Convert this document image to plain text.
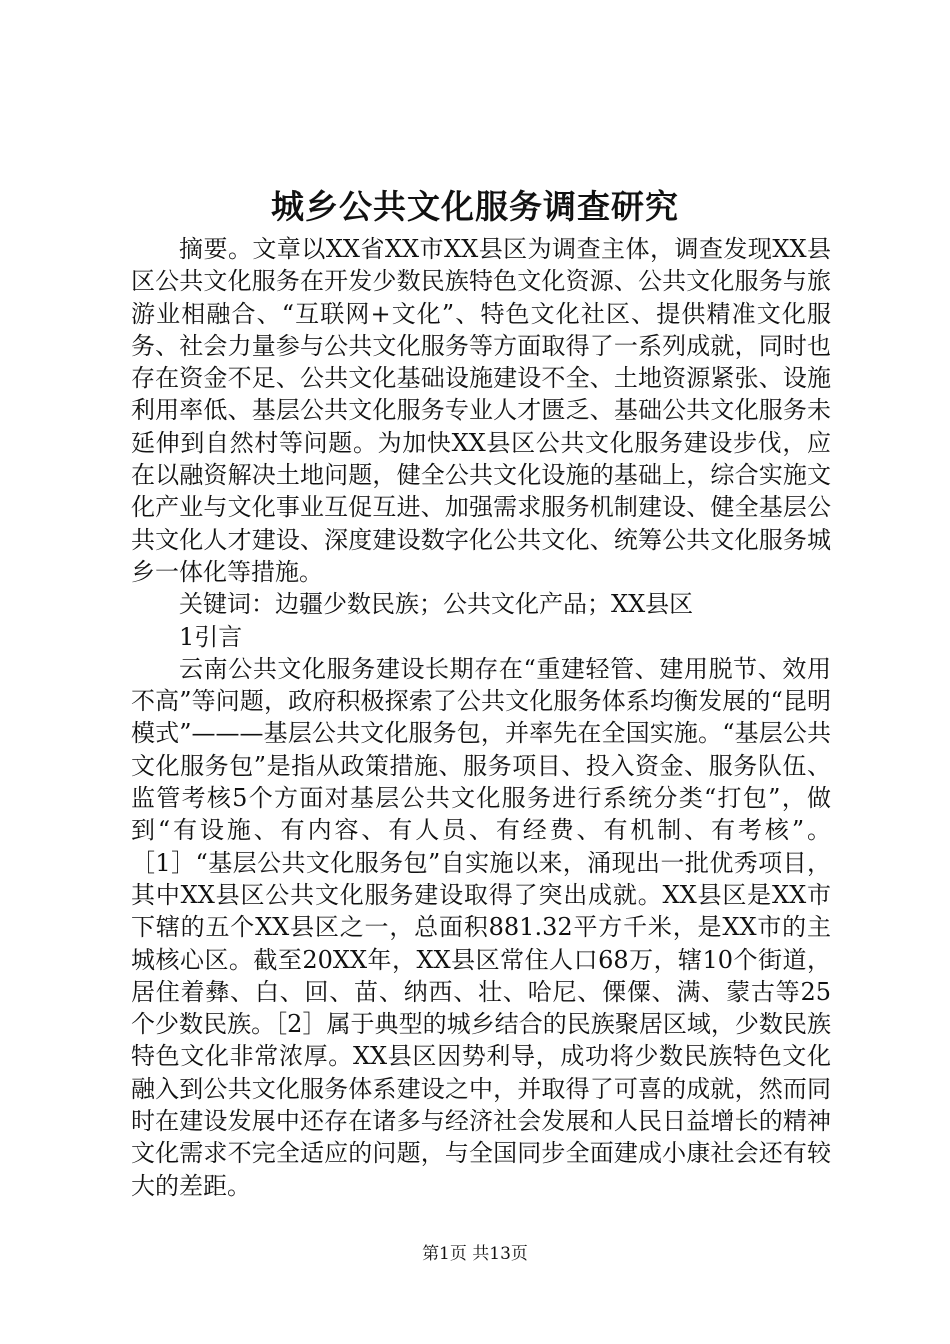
城乡公共文化服务调查研究

摘要。文章以XX省XX市XX县区为调查主体，调查发现XX县区公共文化服务在开发少数民族特色文化资源、公共文化服务与旅游业相融合、“互联网+文化”、特色文化社区、提供精准文化服务、社会力量参与公共文化服务等方面取得了一系列成就，同时也存在资金不足、公共文化基础设施建设不全、土地资源紧张、设施利用率低、基层公共文化服务专业人才匮乏、基础公共文化服务未延伸到自然村等问题。为加快XX县区公共文化服务建设步伐，应在以融资解决土地问题，健全公共文化设施的基础上，综合实施文化产业与文化事业互促互进、加强需求服务机制建设、健全基层公共文化人才建设、深度建设数字化公共文化、统筹公共文化服务城乡一体化等措施。

关键词：边疆少数民族；公共文化产品；XX县区

1引言

云南公共文化服务建设长期存在“重建轻管、建用脱节、效用不高”等问题，政府积极探索了公共文化服务体系均衡发展的“昆明模式”———基层公共文化服务包，并率先在全国实施。“基层公共文化服务包”是指从政策措施、服务项目、投入资金、服务队伍、监管考核5个方面对基层公共文化服务进行系统分类“打包”，做到“有设施、有内容、有人员、有经费、有机制、有考核”。［1］“基层公共文化服务包”自实施以来，涌现出一批优秀项目，其中XX县区公共文化服务建设取得了突出成就。XX县区是XX市下辖的五个XX县区之一，总面积881.32平方千米，是XX市的主城核心区。截至20XX年，XX县区常住人口68万，辖10个街道，居住着彝、白、回、苗、纳西、壮、哈尼、傈僳、满、蒙古等25个少数民族。［2］属于典型的城乡结合的民族聚居区域，少数民族特色文化非常浓厚。XX县区因势利导，成功将少数民族特色文化融入到公共文化服务体系建设之中，并取得了可喜的成就，然而同时在建设发展中还存在诸多与经济社会发展和人民日益增长的精神文化需求不完全适应的问题，与全国同步全面建成小康社会还有较大的差距。

第1页 共13页
